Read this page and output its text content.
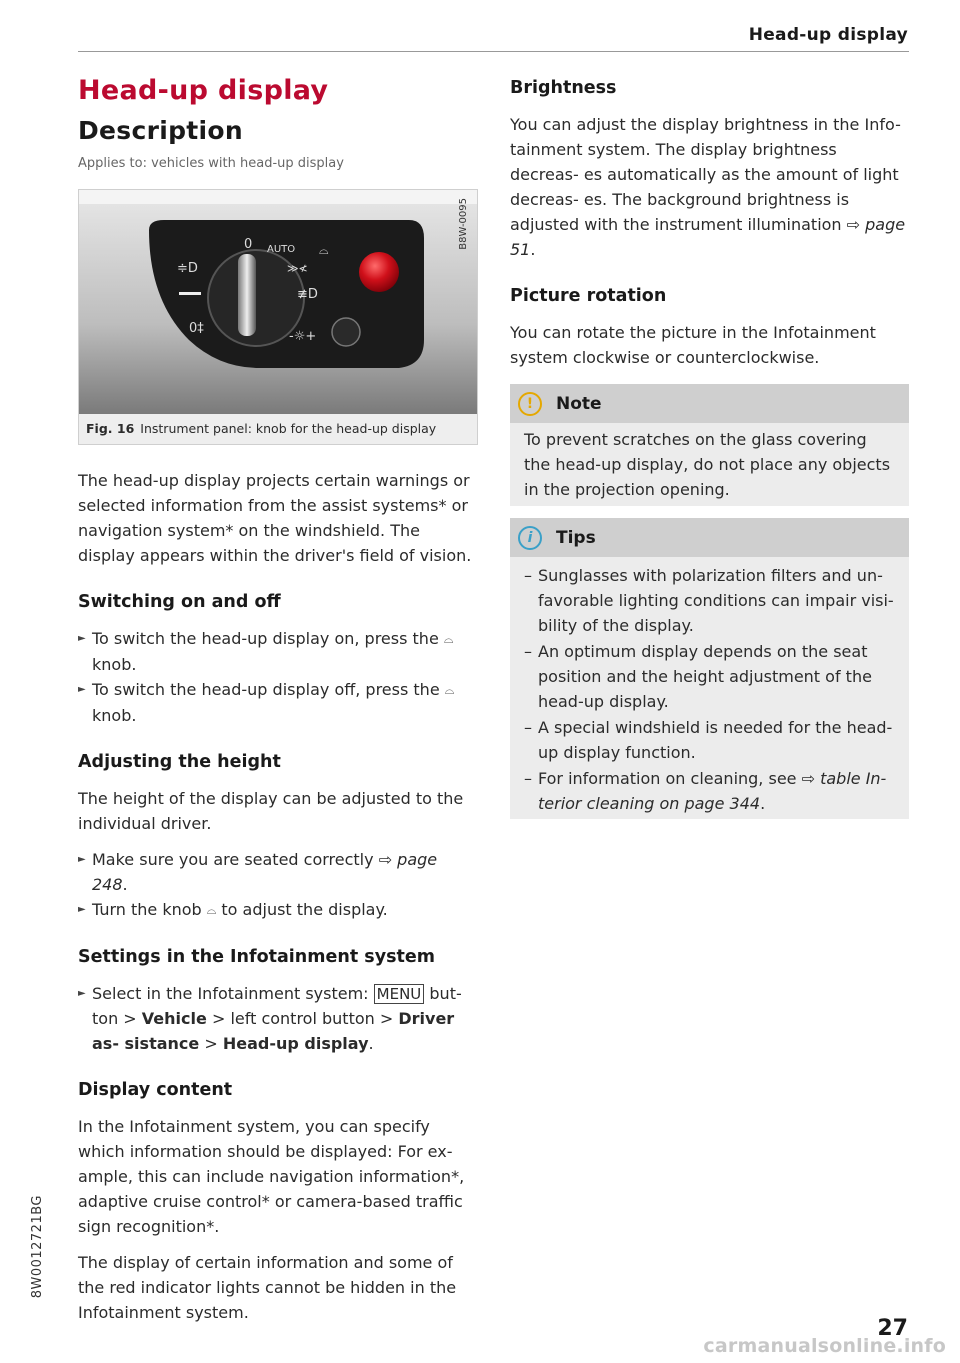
Head-up display
Head-up display
Description
Applies to: vehicles with head-up display
≑D
0‡
0 AUTO
≫≮
≢D
-☼+
⌓
B8W-0095
Fig. 16 Instrument panel: knob for the head-up display

The head-up display projects certain warnings or selected information from the assist systems* or navigation system* on the windshield. The display appears within the driver's field of vision.

Switching on and off
► To switch the head-up display on, press the ⌓ knob.
► To switch the head-up display off, press the ⌓ knob.
Adjusting the height

The height of the display can be adjusted to the individual driver.

► Make sure you are seated correctly ⇨ page 248.
► Turn the knob ⌓ to adjust the display.
Settings in the Infotainment system
► Select in the Infotainment system: MENU but- ton > Vehicle > left control button > Driver as- sistance > Head-up display.
Display content

In the Infotainment system, you can specify which information should be displayed: For ex- ample, this can include navigation information*, adaptive cruise control* or camera-based traffic sign recognition*.

The display of certain information and some of the red indicator lights cannot be hidden in the Infotainment system.

Brightness

You can adjust the display brightness in the Info- tainment system. The display brightness decreas- es automatically as the amount of light decreas- es. The background brightness is adjusted with the instrument illumination ⇨ page 51.

Picture rotation

You can rotate the picture in the Infotainment system clockwise or counterclockwise.

!	Note
To prevent scratches on the glass covering the head-up display, do not place any objects in the projection opening.
i	Tips
– Sunglasses with polarization filters and un- favorable lighting conditions can impair visi- bility of the display.
– An optimum display depends on the seat position and the height adjustment of the head-up display.
– A special windshield is needed for the head- up display function.
– For information on cleaning, see ⇨ table In- terior cleaning on page 344.
8W0012721BG
27
carmanualsonline.info
